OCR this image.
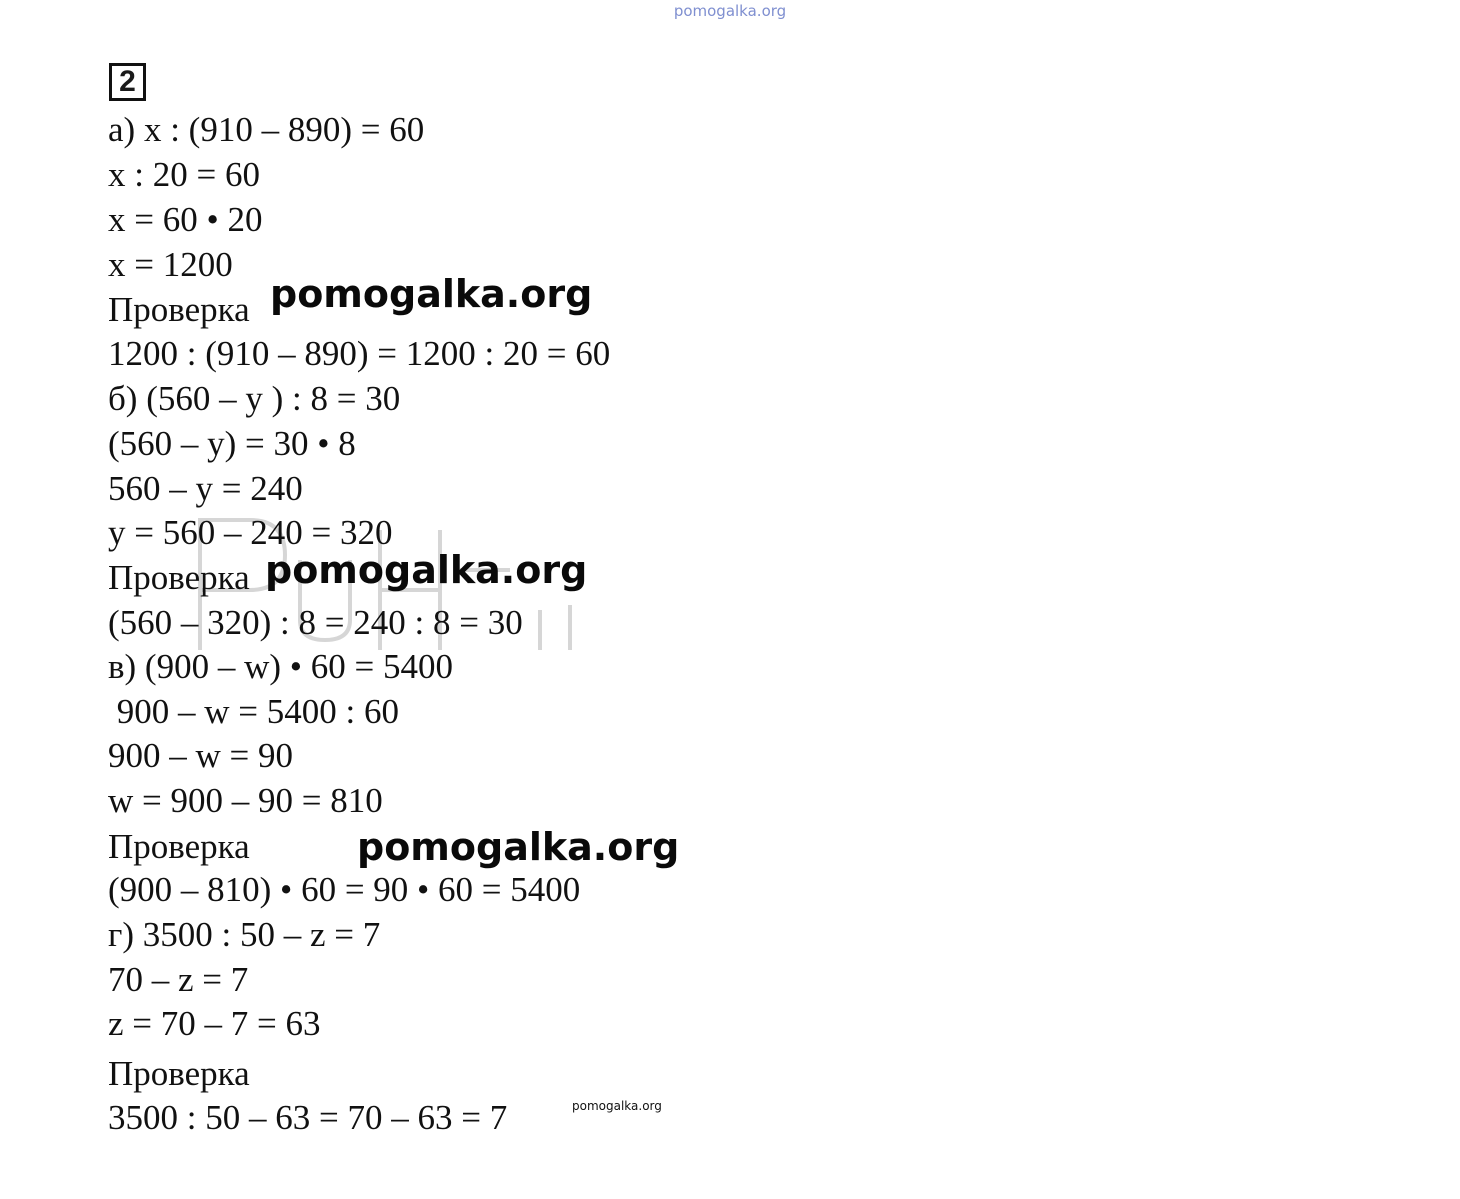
pomogalka.org
2
а) х : (910 – 890) = 60
х : 20 = 60
х = 60 • 20
х = 1200
Проверка
1200 : (910 – 890) = 1200 : 20 = 60
б) (560 – у ) : 8 = 30
(560 – у) = 30 • 8
560 – у = 240
у = 560 – 240 = 320
Проверка
(560 – 320) : 8 = 240 : 8 = 30
в) (900 – w) • 60 = 5400
900 – w = 5400 : 60
900 – w = 90
w = 900 – 90 = 810
Проверка
(900 – 810) • 60 = 90 • 60 = 5400
г) 3500 : 50 – z = 7
70 – z = 7
z = 70 – 7 = 63
Проверка
3500 : 50 – 63 = 70 – 63 = 7
pomogalka.org
pomogalka.org
pomogalka.org
pomogalka.org
